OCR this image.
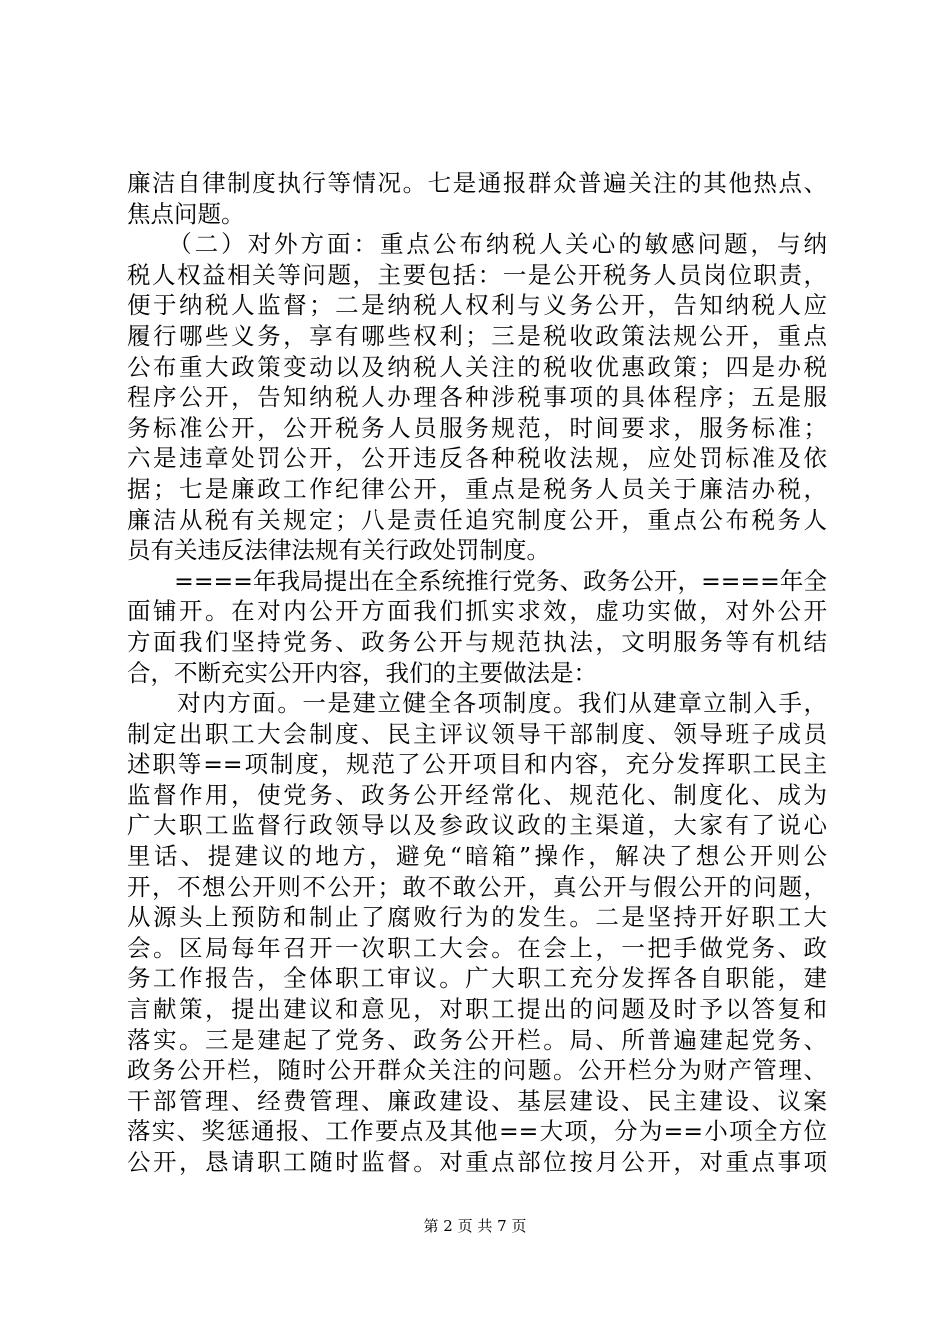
廉洁自律制度执行等情况。七是通报群众普遍关注的其他热点、
焦点问题。
　　（二）对外方面：重点公布纳税人关心的敏感问题，与纳
税人权益相关等问题，主要包括：一是公开税务人员岗位职责，
便于纳税人监督；二是纳税人权利与义务公开，告知纳税人应
履行哪些义务，享有哪些权利；三是税收政策法规公开，重点
公布重大政策变动以及纳税人关注的税收优惠政策；四是办税
程序公开，告知纳税人办理各种涉税事项的具体程序；五是服
务标准公开，公开税务人员服务规范，时间要求，服务标准；
六是违章处罚公开，公开违反各种税收法规，应处罚标准及依
据；七是廉政工作纪律公开，重点是税务人员关于廉洁办税，
廉洁从税有关规定；八是责任追究制度公开，重点公布税务人
员有关违反法律法规有关行政处罚制度。
　　====年我局提出在全系统推行党务、政务公开，====年全
面铺开。在对内公开方面我们抓实求效，虚功实做，对外公开
方面我们坚持党务、政务公开与规范执法，文明服务等有机结
合，不断充实公开内容，我们的主要做法是：
　　对内方面。一是建立健全各项制度。我们从建章立制入手，
制定出职工大会制度、民主评议领导干部制度、领导班子成员
述职等==项制度，规范了公开项目和内容，充分发挥职工民主
监督作用，使党务、政务公开经常化、规范化、制度化、成为
广大职工监督行政领导以及参政议政的主渠道，大家有了说心
里话、提建议的地方，避免“暗箱”操作，解决了想公开则公
开，不想公开则不公开；敢不敢公开，真公开与假公开的问题，
从源头上预防和制止了腐败行为的发生。二是坚持开好职工大
会。区局每年召开一次职工大会。在会上，一把手做党务、政
务工作报告，全体职工审议。广大职工充分发挥各自职能，建
言献策，提出建议和意见，对职工提出的问题及时予以答复和
落实。三是建起了党务、政务公开栏。局、所普遍建起党务、
政务公开栏，随时公开群众关注的问题。公开栏分为财产管理、
干部管理、经费管理、廉政建设、基层建设、民主建设、议案
落实、奖惩通报、工作要点及其他==大项，分为==小项全方位
公开，恳请职工随时监督。对重点部位按月公开，对重点事项
第 2 页 共 7 页
